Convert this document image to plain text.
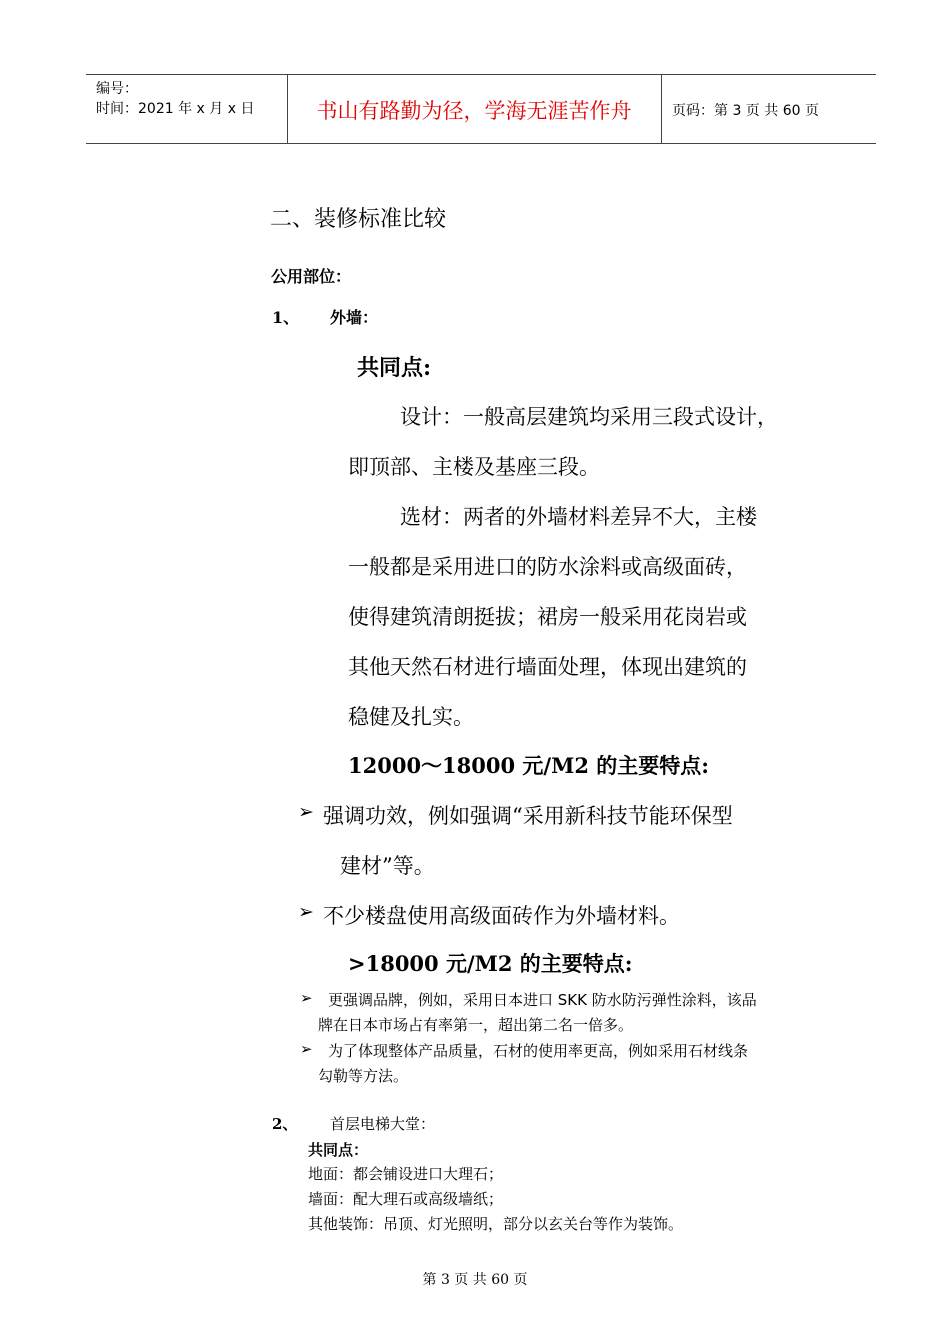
编号：
时间：2021 年 x 月 x 日	书山有路勤为径，学海无涯苦作舟	页码：第 3 页 共 60 页
二、装修标准比较
公用部位：
1、 外墙：
共同点:
设计：一般高层建筑均采用三段式设计，
即顶部、主楼及基座三段。
选材：两者的外墙材料差异不大，主楼
一般都是采用进口的防水涂料或高级面砖，
使得建筑清朗挺拔；裙房一般采用花岗岩或
其他天然石材进行墙面处理，体现出建筑的
稳健及扎实。
12000～18000 元/M2 的主要特点:
➢ 强调功效，例如强调“采用新科技节能环保型
建材”等。
➢ 不少楼盘使用高级面砖作为外墙材料。
>18000 元/M2 的主要特点:
➢ 更强调品牌，例如，采用日本进口 SKK 防水防污弹性涂料，该品
牌在日本市场占有率第一，超出第二名一倍多。
➢ 为了体现整体产品质量，石材的使用率更高，例如采用石材线条
勾勒等方法。
2、 首层电梯大堂：
共同点：
地面：都会铺设进口大理石；
墙面：配大理石或高级墙纸；
其他装饰：吊顶、灯光照明，部分以玄关台等作为装饰。
第 3 页 共 60 页
